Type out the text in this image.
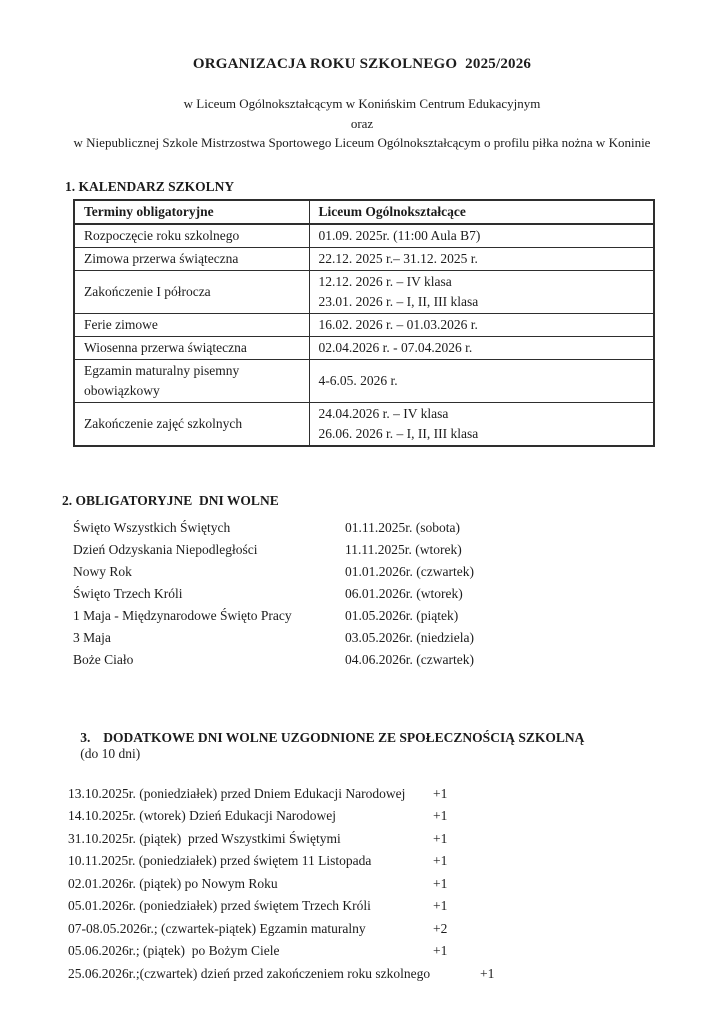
ORGANIZACJA ROKU SZKOLNEGO  2025/2026
w Liceum Ogólnokształcącym w Konińskim Centrum Edukacyjnym
oraz
w Niepublicznej Szkole Mistrzostwa Sportowego Liceum Ogólnokształcącym o profilu piłka nożna w Koninie
1. KALENDARZ SZKOLNY
Terminy obligatoryjne	Liceum Ogólnokształcące
Rozpoczęcie roku szkolnego	01.09. 2025r. (11:00 Aula B7)

Zimowa przerwa świąteczna	22.12. 2025 r.– 31.12. 2025 r.

Zakończenie I półrocza	12.12. 2026 r. – IV klasa
23.01. 2026 r. – I, II, III klasa

Ferie zimowe	16.02. 2026 r. – 01.03.2026 r.

Wiosenna przerwa świąteczna	02.04.2026 r. - 07.04.2026 r.

Egzamin maturalny pisemny obowiązkowy	4-6.05. 2026 r.

Zakończenie zajęć szkolnych	24.04.2026 r. – IV klasa
26.06. 2026 r. – I, II, III klasa
2. OBLIGATORYJNE  DNI WOLNE
Święto Wszystkich Świętych	01.11.2025r. (sobota)
Dzień Odzyskania Niepodległości	11.11.2025r. (wtorek)
Nowy Rok	01.01.2026r. (czwartek)
Święto Trzech Króli	06.01.2026r. (wtorek)
1 Maja - Międzynarodowe Święto Pracy	01.05.2026r. (piątek)
3 Maja	03.05.2026r. (niedziela)
Boże Ciało	04.06.2026r. (czwartek)

3. DODATKOWE DNI WOLNE UZGODNIONE ZE SPOŁECZNOŚCIĄ SZKOLNĄ
(do 10 dni)

13.10.2025r. (poniedziałek) przed Dniem Edukacji Narodowej	+1
14.10.2025r. (wtorek) Dzień Edukacji Narodowej	+1
31.10.2025r. (piątek)  przed Wszystkimi Świętymi	+1
10.11.2025r. (poniedziałek) przed świętem 11 Listopada	+1
02.01.2026r. (piątek) po Nowym Roku	+1
05.01.2026r. (poniedziałek) przed świętem Trzech Króli	+1
07-08.05.2026r.; (czwartek-piątek) Egzamin maturalny	+2
05.06.2026r.; (piątek)  po Bożym Ciele	+1
25.06.2026r.;(czwartek) dzień przed zakończeniem roku szkolnego	+1
